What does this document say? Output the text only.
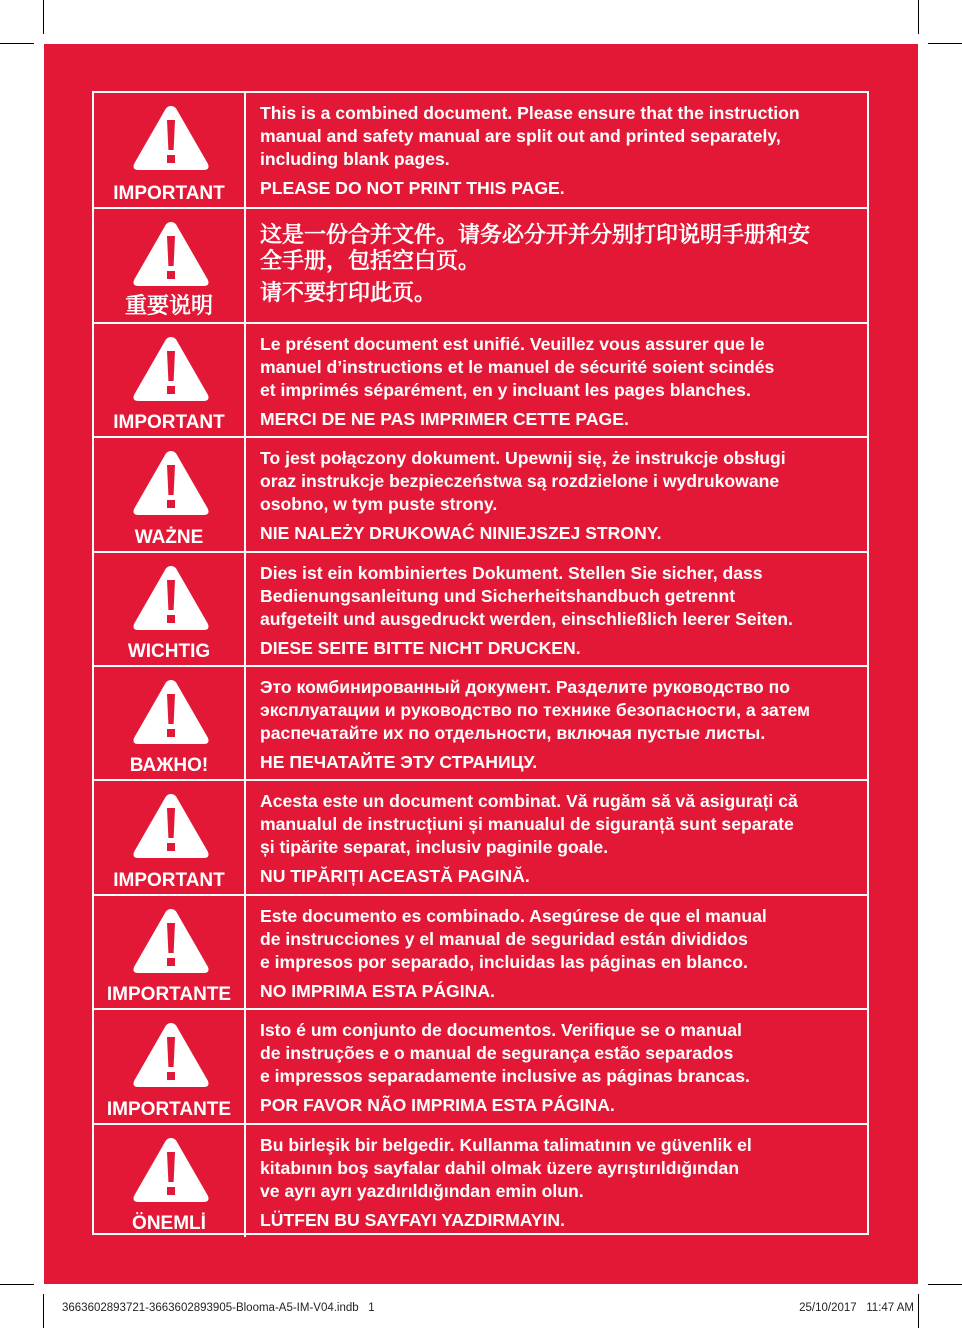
IMPORTANT
This is a combined document. Please ensure that the instruction
manual and safety manual are split out and printed separately,
including blank pages.
PLEASE DO NOT PRINT THIS PAGE.
重要说明
这是一份合并文件。请务必分开并分别打印说明手册和安
全手册，包括空白页。
请不要打印此页。
IMPORTANT
Le présent document est unifié. Veuillez vous assurer que le
manuel d’instructions et le manuel de sécurité soient scindés
et imprimés séparément, en y incluant les pages blanches.
MERCI DE NE PAS IMPRIMER CETTE PAGE.
WAŻNE
To jest połączony dokument. Upewnij się, że instrukcje obsługi
oraz instrukcje bezpieczeństwa są rozdzielone i wydrukowane
osobno, w tym puste strony.
NIE NALEŻY DRUKOWAĆ NINIEJSZEJ STRONY.
WICHTIG
Dies ist ein kombiniertes Dokument. Stellen Sie sicher, dass
Bedienungsanleitung und Sicherheitshandbuch getrennt
aufgeteilt und ausgedruckt werden, einschließlich leerer Seiten.
DIESE SEITE BITTE NICHT DRUCKEN.
ВАЖНО!
Это комбинированный документ. Разделите руководство по
эксплуатации и руководство по технике безопасности, а затем
распечатайте их по отдельности, включая пустые листы.
НЕ ПЕЧАТАЙТЕ ЭТУ СТРАНИЦУ.
IMPORTANT
Acesta este un document combinat. Vă rugăm să vă asigurați că
manualul de instrucțiuni și manualul de siguranță sunt separate
și tipărite separat, inclusiv paginile goale.
NU TIPĂRIȚI ACEASTĂ PAGINĂ.
IMPORTANTE
Este documento es combinado. Asegúrese de que el manual
de instrucciones y el manual de seguridad están divididos
e impresos por separado, incluidas las páginas en blanco.
NO IMPRIMA ESTA PÁGINA.
IMPORTANTE
Isto é um conjunto de documentos. Verifique se o manual
de instruções e o manual de segurança estão separados
e impressos separadamente inclusive as páginas brancas.
POR FAVOR NÃO IMPRIMA ESTA PÁGINA.
ÖNEMLİ
Bu birleşik bir belgedir. Kullanma talimatının ve güvenlik el
kitabının boş sayfalar dahil olmak üzere ayrıştırıldığından
ve ayrı ayrı yazdırıldığından emin olun.
LÜTFEN BU SAYFAYI YAZDIRMAYIN.
3663602893721-3663602893905-Blooma-A5-IM-V04.indb   1	25/10/2017   11:47 AM
